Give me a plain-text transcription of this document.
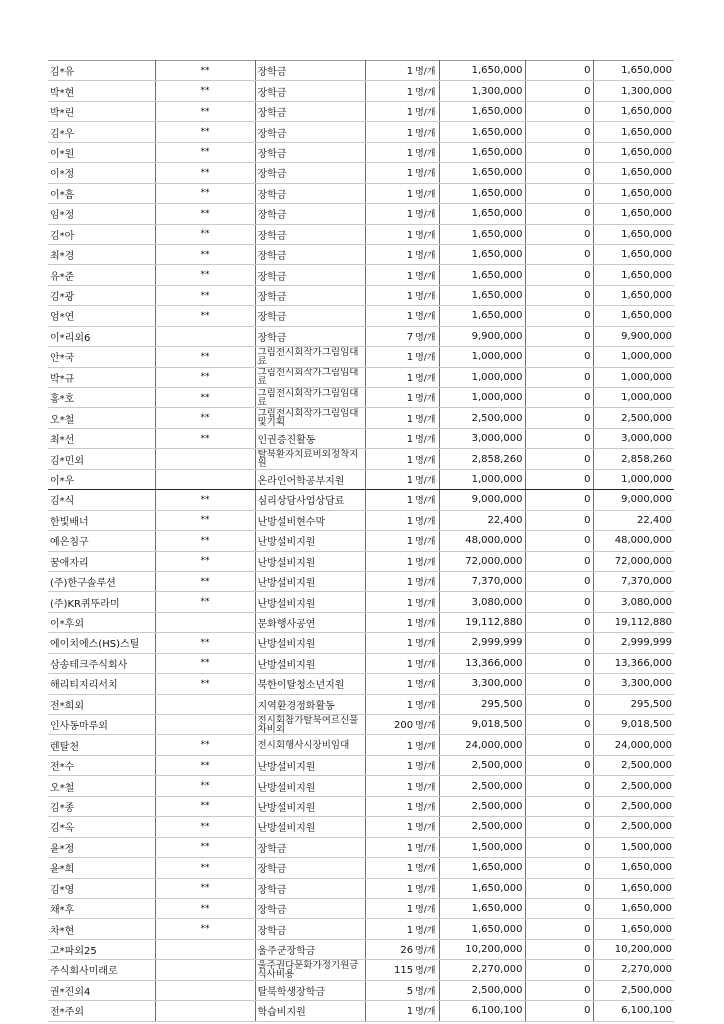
김*유	**	장학금	1 명/개	1,650,000	0	1,650,000
박*현	**	장학금	1 명/개	1,300,000	0	1,300,000
박*린	**	장학금	1 명/개	1,650,000	0	1,650,000
김*우	**	장학금	1 명/개	1,650,000	0	1,650,000
이*원	**	장학금	1 명/개	1,650,000	0	1,650,000
이*정	**	장학금	1 명/개	1,650,000	0	1,650,000
이*흠	**	장학금	1 명/개	1,650,000	0	1,650,000
임*정	**	장학금	1 명/개	1,650,000	0	1,650,000
김*아	**	장학금	1 명/개	1,650,000	0	1,650,000
최*경	**	장학금	1 명/개	1,650,000	0	1,650,000
유*준	**	장학금	1 명/개	1,650,000	0	1,650,000
김*광	**	장학금	1 명/개	1,650,000	0	1,650,000
엄*연	**	장학금	1 명/개	1,650,000	0	1,650,000
이*리외6		장학금	7 명/개	9,900,000	0	9,900,000
안*국	**	그림전시회작가그림임대료	1 명/개	1,000,000	0	1,000,000
박*규	**	그림전시회작가그림임대료	1 명/개	1,000,000	0	1,000,000
홍*호	**	그림전시회작가그림임대료	1 명/개	1,000,000	0	1,000,000
오*철	**	그림전시회작가그림임대및기획	1 명/개	2,500,000	0	2,500,000
최*선	**	인권증진활동	1 명/개	3,000,000	0	3,000,000
김*민외		탈북환자치료비외정착지원	1 명/개	2,858,260	0	2,858,260
이*우		온라인어학공부지원	1 명/개	1,000,000	0	1,000,000
김*식	**	심리상담사업상담료	1 명/개	9,000,000	0	9,000,000
한빛배너	**	난방설비현수막	1 명/개	22,400	0	22,400
예은침구	**	난방설비지원	1 명/개	48,000,000	0	48,000,000
꿈애자리	**	난방설비지원	1 명/개	72,000,000	0	72,000,000
(주)한구솔루션	**	난방설비지원	1 명/개	7,370,000	0	7,370,000
(주)KR퀴뚜라미	**	난방설비지원	1 명/개	3,080,000	0	3,080,000
이*후외		문화행사공연	1 명/개	19,112,880	0	19,112,880
에이치에스(HS)스틸	**	난방설비지원	1 명/개	2,999,999	0	2,999,999
삼송테크주식회사	**	난방설비지원	1 명/개	13,366,000	0	13,366,000
해리티지리서치	**	북한이탈청소년지원	1 명/개	3,300,000	0	3,300,000
전*희외		지역환경정화활동	1 명/개	295,500	0	295,500
인사동마루외		전시회참가탈북여르신물차비외	200 명/개	9,018,500	0	9,018,500
렌탈천	**	전시회행사시장비임대	1 명/개	24,000,000	0	24,000,000
전*수	**	난방설비지원	1 명/개	2,500,000	0	2,500,000
오*철	**	난방설비지원	1 명/개	2,500,000	0	2,500,000
김*종	**	난방설비지원	1 명/개	2,500,000	0	2,500,000
김*옥	**	난방설비지원	1 명/개	2,500,000	0	2,500,000
윤*정	**	장학금	1 명/개	1,500,000	0	1,500,000
윤*희	**	장학금	1 명/개	1,650,000	0	1,650,000
김*영	**	장학금	1 명/개	1,650,000	0	1,650,000
채*후	**	장학금	1 명/개	1,650,000	0	1,650,000
차*현	**	장학금	1 명/개	1,650,000	0	1,650,000
고*파외25		울주군장학금	26 명/개	10,200,000	0	10,200,000
주식회사미래로		울주권다문화가정기원금식사비용	115 명/개	2,270,000	0	2,270,000
권*진외4		탈북학생장학금	5 명/개	2,500,000	0	2,500,000
전*주외		학습비지원	1 명/개	6,100,100	0	6,100,100
